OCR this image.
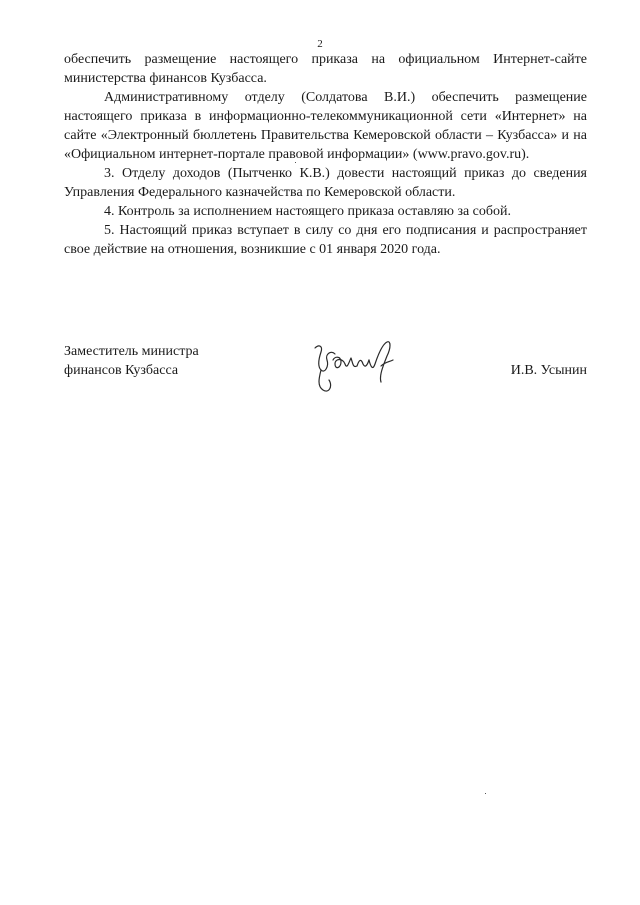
2

обеспечить размещение настоящего приказа на официальном Интернет-сайте министерства финансов Кузбасса.

Административному отделу (Солдатова В.И.) обеспечить размещение настоящего приказа в информационно-телекоммуникационной сети «Интернет» на сайте «Электронный бюллетень Правительства Кемеровской области – Кузбасса» и на «Официальном интернет-портале правовой информации» (www.pravo.gov.ru).

3. Отделу доходов (Пытченко К.В.) довести настоящий приказ до сведения Управления Федерального казначейства по Кемеровской области.

4. Контроль за исполнением настоящего приказа оставляю за собой.

5. Настоящий приказ вступает в силу со дня его подписания и распространяет свое действие на отношения, возникшие с 01 января 2020 года.

Заместитель министра
финансов Кузбасса	И.В. Усынин
